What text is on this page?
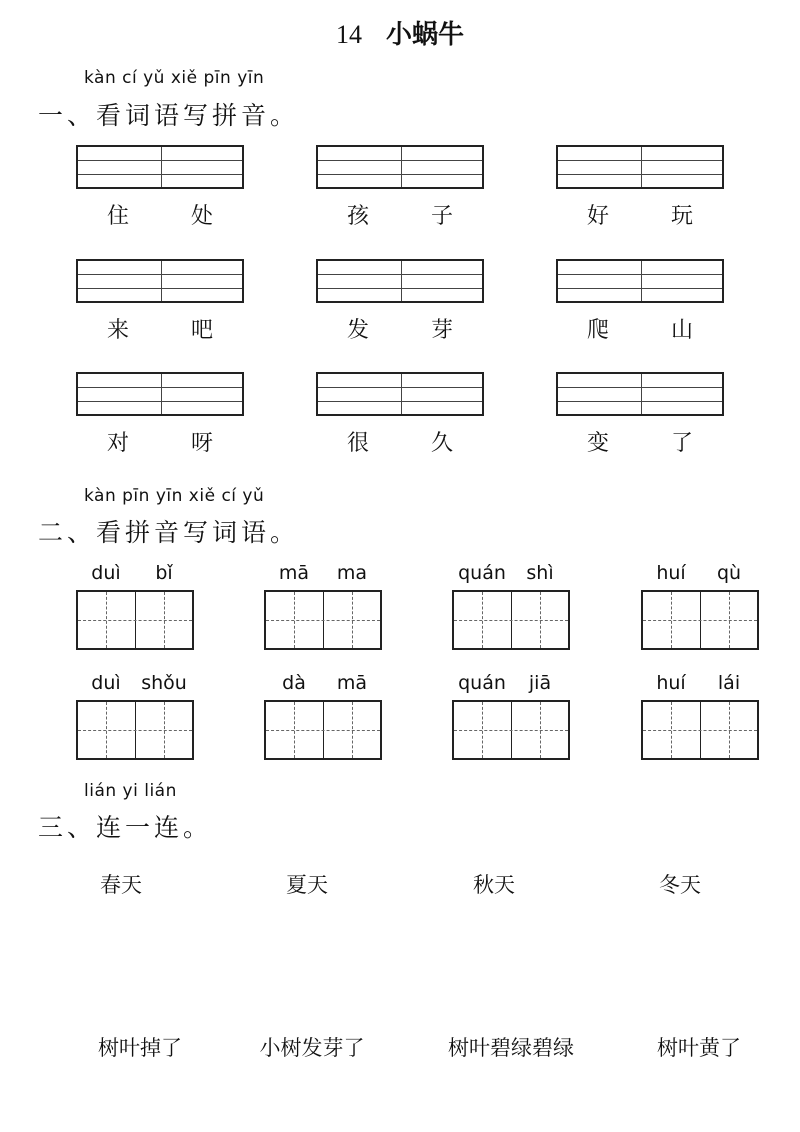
14 小蜗牛
kàn cí yǔ xiě pīn yīn
一、看词语写拼音。
住	处	孩	子	好	玩
来	吧	发	芽	爬	山
对	呀	很	久	变	了
kàn pīn yīn xiě cí yǔ
二、看拼音写词语。
duì	bǐ	mā	ma	quán	shì	huí	qù
duì	shǒu	dà	mā	quán	jiā	huí	lái
lián yi lián
三、连一连。
春天	夏天	秋天	冬天
树叶掉了	小树发芽了	树叶碧绿碧绿	树叶黄了
